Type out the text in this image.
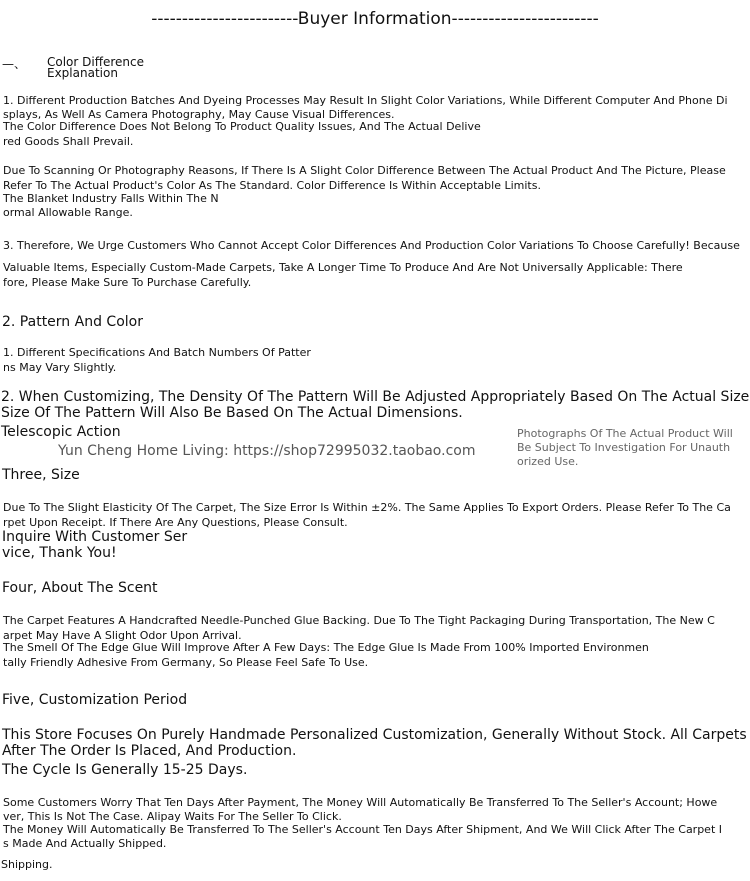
------------------------Buyer Information------------------------
—、 Color Difference
Explanation
1. Different Production Batches And Dyeing Processes May Result In Slight Color Variations, While Different Computer And Phone Di
splays, As Well As Camera Photography, May Cause Visual Differences.
The Color Difference Does Not Belong To Product Quality Issues, And The Actual Delive
red Goods Shall Prevail.
Due To Scanning Or Photography Reasons, If There Is A Slight Color Difference Between The Actual Product And The Picture, Please
Refer To The Actual Product's Color As The Standard. Color Difference Is Within Acceptable Limits.
The Blanket Industry Falls Within The N
ormal Allowable Range.
3. Therefore, We Urge Customers Who Cannot Accept Color Differences And Production Color Variations To Choose Carefully! Because
Valuable Items, Especially Custom-Made Carpets, Take A Longer Time To Produce And Are Not Universally Applicable: There
fore, Please Make Sure To Purchase Carefully.
2. Pattern And Color
1. Different Specifications And Batch Numbers Of Patter
ns May Vary Slightly.
2. When Customizing, The Density Of The Pattern Will Be Adjusted Appropriately Based On The Actual Size
Size Of The Pattern Will Also Be Based On The Actual Dimensions.
Telescopic Action
Yun Cheng Home Living: https://shop72995032.taobao.com
Photographs Of The Actual Product Will
Be Subject To Investigation For Unauth
orized Use.
Three, Size
Due To The Slight Elasticity Of The Carpet, The Size Error Is Within ±2%. The Same Applies To Export Orders. Please Refer To The Ca
rpet Upon Receipt. If There Are Any Questions, Please Consult.
Inquire With Customer Ser
vice, Thank You!
Four, About The Scent
The Carpet Features A Handcrafted Needle-Punched Glue Backing. Due To The Tight Packaging During Transportation, The New C
arpet May Have A Slight Odor Upon Arrival.
The Smell Of The Edge Glue Will Improve After A Few Days: The Edge Glue Is Made From 100% Imported Environmen
tally Friendly Adhesive From Germany, So Please Feel Safe To Use.
Five, Customization Period
This Store Focuses On Purely Handmade Personalized Customization, Generally Without Stock. All Carpets
After The Order Is Placed, And Production.
The Cycle Is Generally 15-25 Days.
Some Customers Worry That Ten Days After Payment, The Money Will Automatically Be Transferred To The Seller's Account; Howe
ver, This Is Not The Case. Alipay Waits For The Seller To Click.
The Money Will Automatically Be Transferred To The Seller's Account Ten Days After Shipment, And We Will Click After The Carpet I
s Made And Actually Shipped.
Shipping.
